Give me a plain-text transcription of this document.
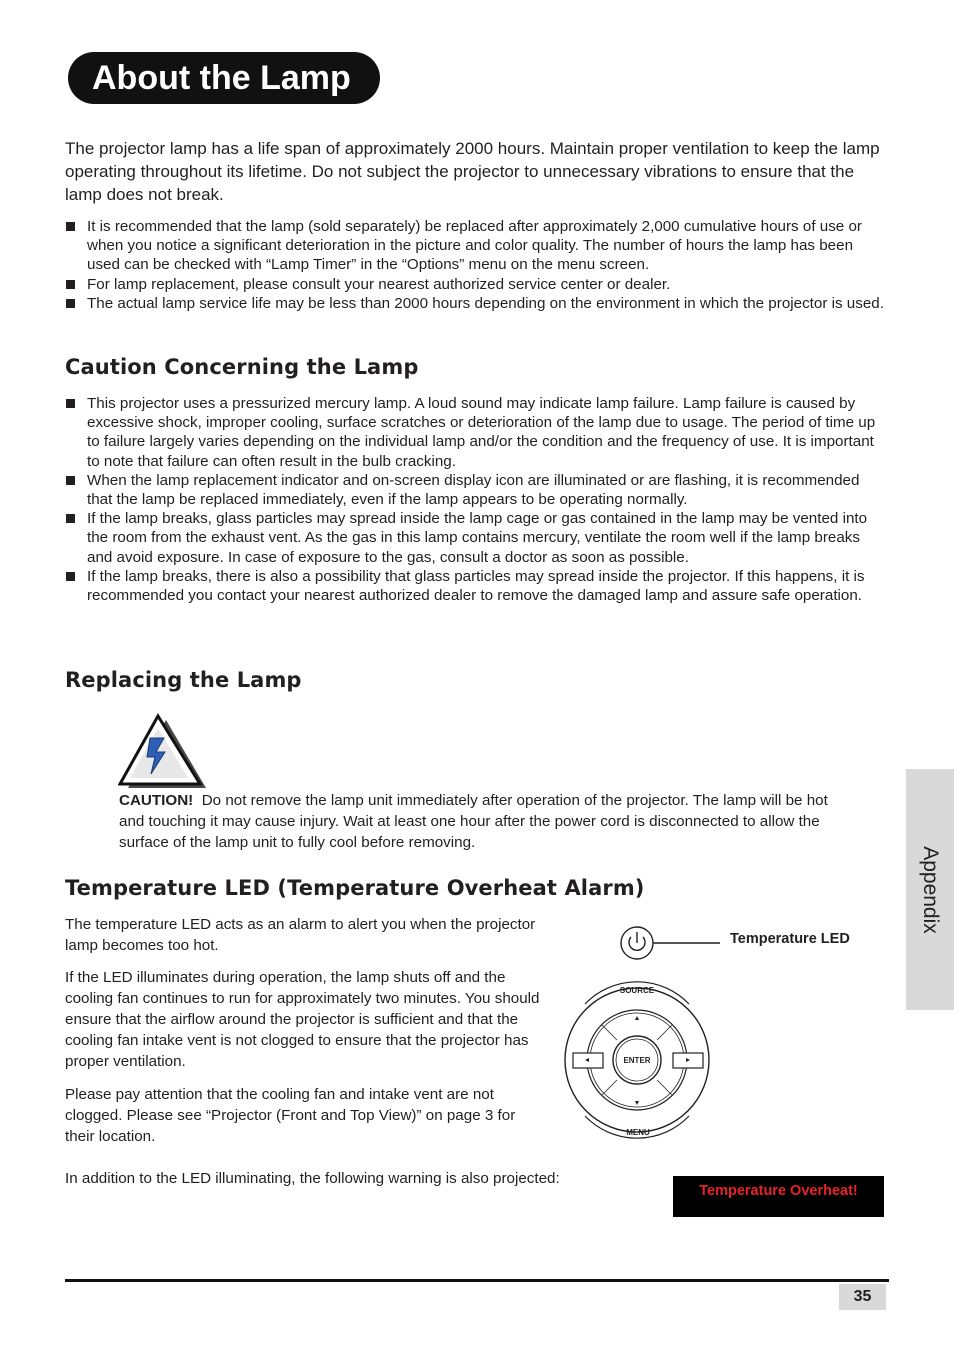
About the Lamp

The projector lamp has a life span of approximately 2000 hours. Maintain proper ventilation to keep the lamp operating throughout its lifetime. Do not subject the projector to unnecessary vibrations to ensure that the lamp does not break.

It is recommended that the lamp (sold separately) be replaced after approximately 2,000 cumulative hours of use or when you notice a significant deterioration in the picture and color quality. The number of hours the lamp has been used can be checked with “Lamp Timer” in the “Options” menu on the menu screen.
For lamp replacement, please consult your nearest authorized service center or dealer.
The actual lamp service life may be less than 2000 hours depending on the environment in which the projector is used.
Caution Concerning the Lamp
This projector uses a pressurized mercury lamp. A loud sound may indicate lamp failure. Lamp failure is caused by excessive shock, improper cooling, surface scratches or deterioration of the lamp due to usage. The period of time up to failure largely varies depending on the individual lamp and/or the condition and the frequency of use. It is important to note that failure can often result in the bulb cracking.
When the lamp replacement indicator and on-screen display icon are illuminated or are flashing, it is recommended that the lamp be replaced immediately, even if the lamp appears to be operating normally.
If the lamp breaks, glass particles may spread inside the lamp cage or gas contained in the lamp may be vented into the room from the exhaust vent. As the gas in this lamp contains mercury, ventilate the room well if the lamp breaks and avoid exposure. In case of exposure to the gas, consult a doctor as soon as possible.
If the lamp breaks, there is also a possibility that glass particles may spread inside the projector. If this happens, it is recommended you contact your nearest authorized dealer to remove the damaged lamp and assure safe operation.
Replacing the Lamp

CAUTION! Do not remove the lamp unit immediately after operation of the projector. The lamp will be hot and touching it may cause injury. Wait at least one hour after the power cord is disconnected to allow the surface of the lamp unit to fully cool before removing.

Temperature LED (Temperature Overheat Alarm)

The temperature LED acts as an alarm to alert you when the projector lamp becomes too hot.

If the LED illuminates during operation, the lamp shuts off and the cooling fan continues to run for approximately two minutes. You should ensure that the airflow around the projector is sufficient and that the cooling fan intake vent is not clogged to ensure that the projector has proper ventilation.

Please pay attention that the cooling fan and intake vent are not clogged. Please see “Projector (Front and Top View)” on page 3 for their location.

SOURCE
ENTER
MENU
Temperature LED

In addition to the LED illuminating, the following warning is also projected:

Temperature Overheat!
Appendix
35
